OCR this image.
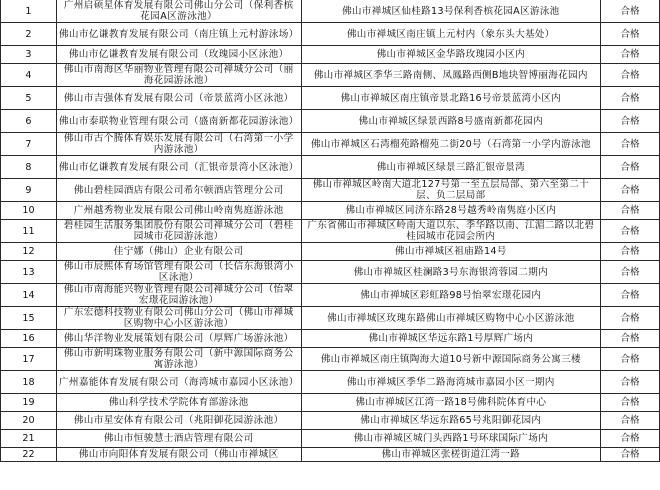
1	广州启硕星体育发展有限公司佛山分公司（保利香槟花园A区游泳池）	佛山市禅城区仙桂路13号保利香槟花园A区游泳池	合格
2	佛山市亿谦教育发展有限公司（南庄镇上元村游泳场）	佛山市禅城区南庄镇上元村内（象东头大基处）	合格
3	佛山市亿谦教育发展有限公司（玫瑰园小区泳池）	佛山市禅城区金华路玫瑰园小区内	合格
4	佛山市南海区华丽物业管理有限公司禅城分公司（丽海花园游泳池）	佛山市禅城区季华三路南侧、凤鳳路西侧B地块智博丽海花园内	合格
5	佛山市吉强体育发展有限公司（帝景蓝湾小区泳池）	佛山市禅城区南庄镇帝景北路16号帝景蓝湾小区内	合格
6	佛山市泰联物业管理有限公司（盛南新都花园游泳池）	佛山市禅城区绿景西路8号盛南新都花园内	合格
7	佛山市古个腾体育娱乐发展有限公司（石湾第一小学内游泳池）	佛山市禅城区石湾榴苑路榴苑二街20号（石湾第一小学内游泳池	合格
8	佛山市亿谦教育发展有限公司（汇银帝景湾小区泳池）	佛山市禅城区绿景三路汇银帝景湾	合格
9	佛山碧桂园酒店有限公司希尔顿酒店管理分公司	佛山市禅城区岭南大道北127号第一至五层局部、第六至第二十层、负二层局部	合格
10	广州越秀物业发展有限公司佛山岭南隽庭游泳池	佛山市禅城区同济东路28号越秀岭南隽庭小区内	合格
11	碧桂园生活服务集团股份有限公司禅城分公司（碧桂园城市花园游泳池）	广东省佛山市禅城区岭南大道以东、季华路以南、江湄二路以北碧桂园城市花园会所内	合格
12	佳宁娜（佛山）企业有限公司	佛山市禅城区祖庙路14号	合格
13	佛山市辰熙体育场馆管理有限公司（长信东海银湾小区泳池）	佛山市禅城区桂澜路3号东海银湾蓉园二期内	合格
14	佛山市南海能兴物业管理有限公司禅城分公司（怡翠宏璟花园游泳池）	佛山市禅城区彩虹路98号怡翠宏璟花园内	合格
15	广东宏德科技物业有限公司佛山分公司（佛山市禅城区购物中心小区游泳池）	佛山市禅城区玫瑰东路佛山市禅城区购物中心小区游泳池	合格
16	佛山华洋物业发展策划有限公司（厚辉广场游泳池）	佛山市禅城区华远东路1号厚辉广场内	合格
17	佛山市新明珠物业服务有限公司（新中源国际商务公寓游泳池）	佛山市禅城区南庄镇陶海大道10号新中源国际商务公寓三楼	合格
18	广州嘉能体育发展有限公司（海湾城市嘉园小区泳池）	佛山市禅城区季华二路海湾城市嘉园小区一期内	合格
19	佛山科学技术学院体育部游泳池	佛山市禅城区江湾一路18号佛科院体育中心	合格
20	佛山市星安体育有限公司（兆阳御花园游泳池）	佛山市禅城区华远东路65号兆阳御花园内	合格
21	佛山市恒骏慧士酒店管理有限公司	佛山市禅城区城门头西路1号环球国际广场内	合格
22	佛山市向阳体育发展有限公司（佛山市禅城区	佛山市禅城区张槎街道江湾一路	合格
